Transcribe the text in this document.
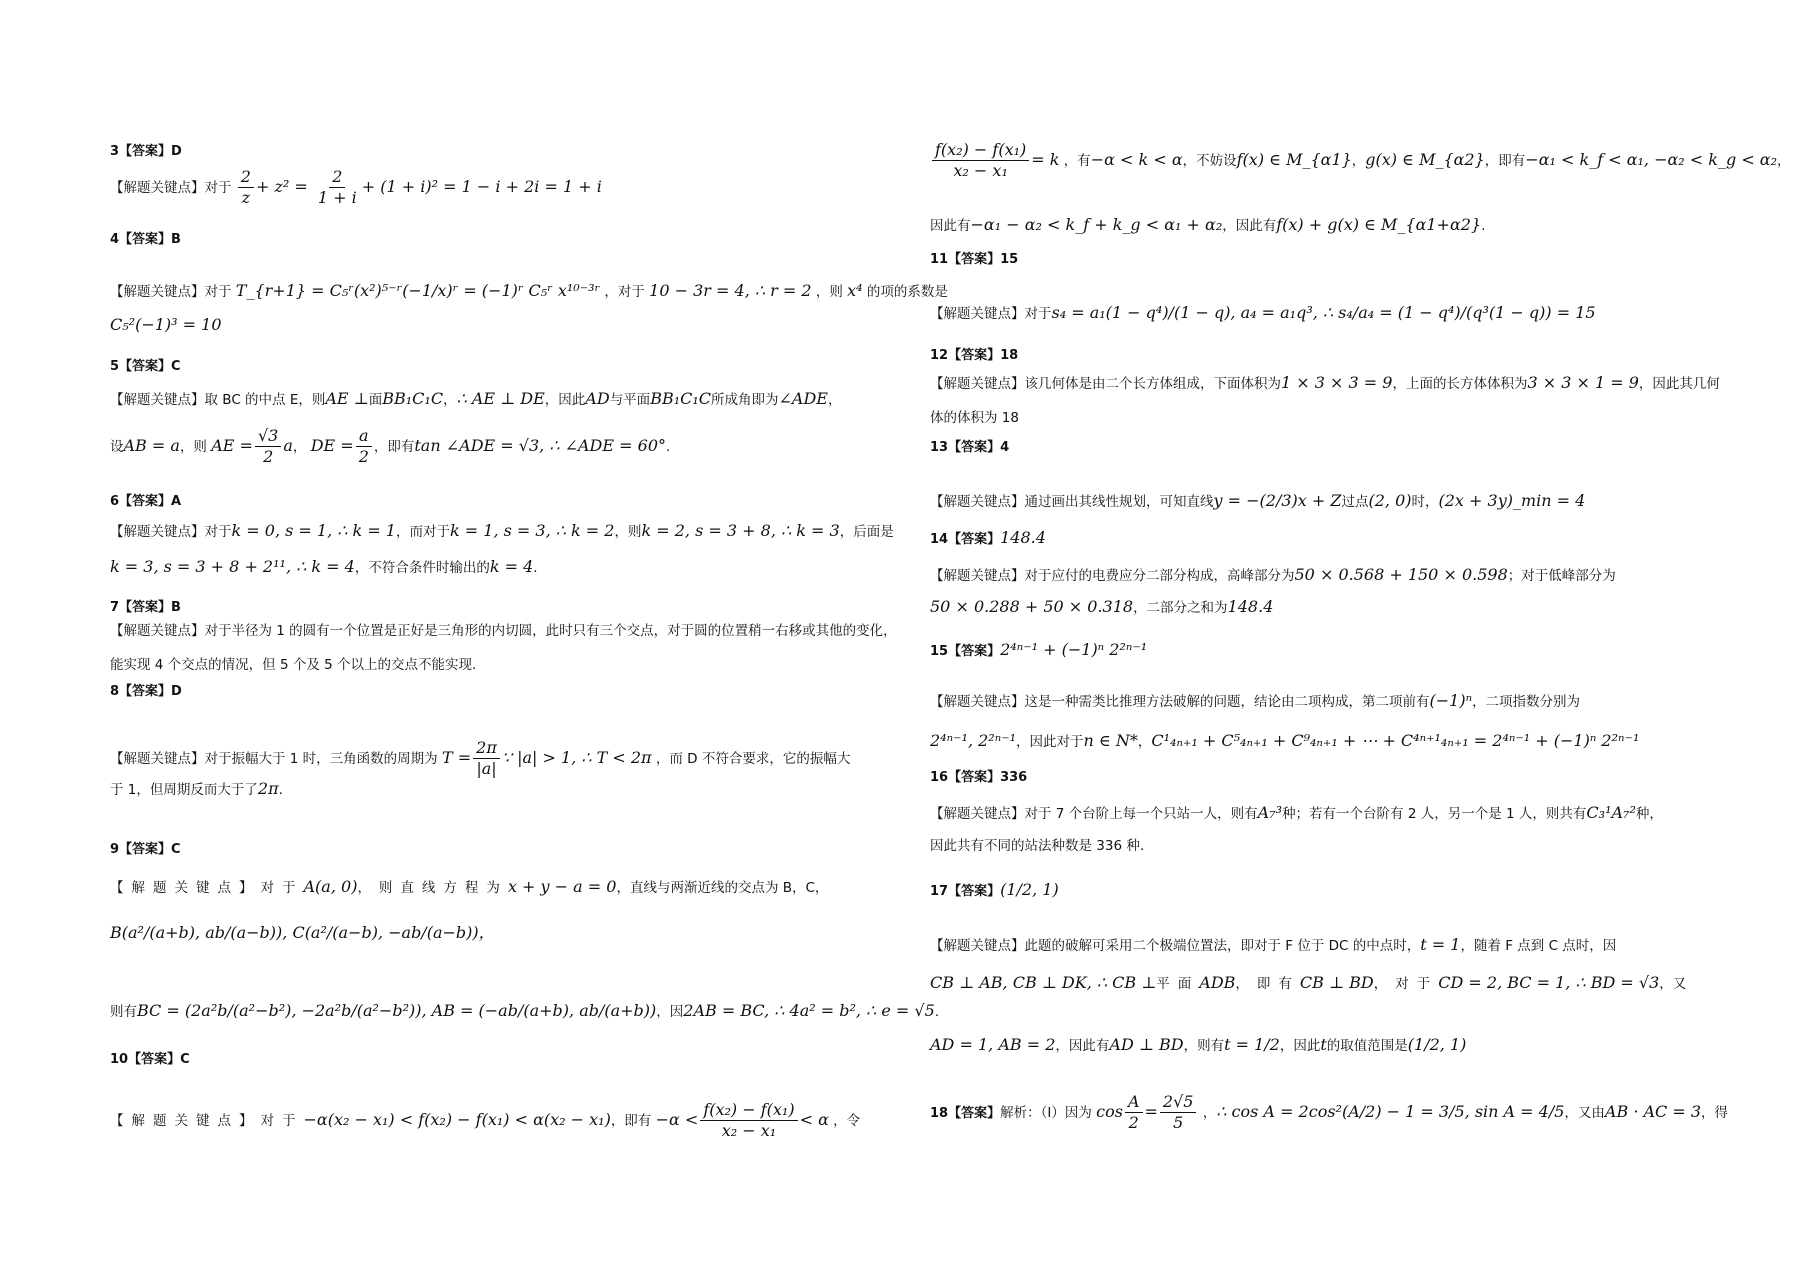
3【答案】D
【解题关键点】对于 $\frac{2}{z} + z^2 = \frac{2}{1 + i} + (1 + i)^2 = 1 - i + 2i = 1 + i$
4【答案】B
【解题关键点】对于 T_{r+1} = C₅ʳ(x²)⁵⁻ʳ(−1/x)ʳ = (−1)ʳ C₅ʳ x¹⁰⁻³ʳ ，对于 10 − 3r = 4, ∴ r = 2 ，则 x⁴ 的项的系数是
C₅²(−1)³ = 10
5【答案】C
【解题关键点】取 BC 的中点 E，则AE ⊥面BB₁C₁C，∴ AE ⊥ DE，因此AD与平面BB₁C₁C所成角即为∠ADE，
设AB = a，则 AE = $\frac{√3}{2}$ a， DE = $\frac{a}{2}$ ，即有tan ∠ADE = √3, ∴ ∠ADE = 60°.
6【答案】A
【解题关键点】对于k = 0, s = 1, ∴ k = 1，而对于k = 1, s = 3, ∴ k = 2，则k = 2, s = 3 + 8, ∴ k = 3，后面是
k = 3, s = 3 + 8 + 2¹¹, ∴ k = 4，不符合条件时输出的k = 4.
7【答案】B
【解题关键点】对于半径为 1 的圆有一个位置是正好是三角形的内切圆，此时只有三个交点，对于圆的位置稍一右移或其他的变化，能实现 4 个交点的情况，但 5 个及 5 个以上的交点不能实现.
8【答案】D
【解题关键点】对于振幅大于 1 时，三角函数的周期为 $T = \frac{2\pi}{|a|}$ ∵ |a| > 1, ∴ T < 2π ，而 D 不符合要求，它的振幅大
于 1，但周期反而大于了2π.
9【答案】C
【解题关键点】对于A(a, 0)，则直线方程为x + y − a = 0，直线与两渐近线的交点为 B，C，
B(a²/(a+b), ab/(a−b)), C(a²/(a−b), −ab/(a−b))，
则有BC = (2a²b/(a²−b²), −2a²b/(a²−b²)), AB = (−ab/(a+b), ab/(a+b))，因2AB = BC, ∴ 4a² = b², ∴ e = √5.
10【答案】C
【解题关键点】对于−α(x₂ − x₁) < f(x₂) − f(x₁) < α(x₂ − x₁)，即有 $-\alpha < \frac{\text{f(x₂) − f(x₁)}}{\text{x₂ − x₁}} < \alpha$ ，令
$\frac{\text{f(x₂) − f(x₁)}}{\text{x₂ − x₁}} = k$ ，有−α < k < α，不妨设f(x) ∈ M_{α1}，g(x) ∈ M_{α2}，即有−α₁ < k_f < α₁, −α₂ < k_g < α₂，
因此有−α₁ − α₂ < k_f + k_g < α₁ + α₂，因此有f(x) + g(x) ∈ M_{α1+α2}.
11【答案】15
【解题关键点】对于s₄ = a₁(1 − q⁴)/(1 − q), a₄ = a₁q³, ∴ s₄/a₄ = (1 − q⁴)/(q³(1 − q)) = 15
12【答案】18
【解题关键点】该几何体是由二个长方体组成，下面体积为1 × 3 × 3 = 9，上面的长方体体积为3 × 3 × 1 = 9，因此其几何体的体积为 18
13【答案】4
【解题关键点】通过画出其线性规划，可知直线y = −(2/3)x + Z过点(2, 0)时，(2x + 3y)_min = 4
14【答案】148.4
【解题关键点】对于应付的电费应分二部分构成，高峰部分为50 × 0.568 + 150 × 0.598；对于低峰部分为
50 × 0.288 + 50 × 0.318，二部分之和为148.4
15【答案】2⁴ⁿ⁻¹ + (−1)ⁿ 2²ⁿ⁻¹
【解题关键点】这是一种需类比推理方法破解的问题，结论由二项构成，第二项前有(−1)ⁿ，二项指数分别为
2⁴ⁿ⁻¹, 2²ⁿ⁻¹，因此对于n ∈ N*，C¹₄ₙ₊₁ + C⁵₄ₙ₊₁ + C⁹₄ₙ₊₁ + ⋯ + C⁴ⁿ⁺¹₄ₙ₊₁ = 2⁴ⁿ⁻¹ + (−1)ⁿ 2²ⁿ⁻¹
16【答案】336
【解题关键点】对于 7 个台阶上每一个只站一人，则有A₇³种；若有一个台阶有 2 人，另一个是 1 人，则共有C₃¹A₇²种，
因此共有不同的站法种数是 336 种.
17【答案】(1/2, 1)
【解题关键点】此题的破解可采用二个极端位置法，即对于 F 位于 DC 的中点时，t = 1，随着 F 点到 C 点时，因
CB ⊥ AB, CB ⊥ DK, ∴ CB ⊥平面ADB，即有CB ⊥ BD，对于CD = 2, BC = 1, ∴ BD = √3，又
AD = 1, AB = 2，因此有AD ⊥ BD，则有t = 1/2，因此t的取值范围是(1/2, 1)
18【答案】解析：（I）因为 $\cos \frac{A}{2} = \frac{2√5}{5}$ ，∴ cos A = 2cos²(A/2) − 1 = 3/5, sin A = 4/5，又由AB · AC = 3，得
